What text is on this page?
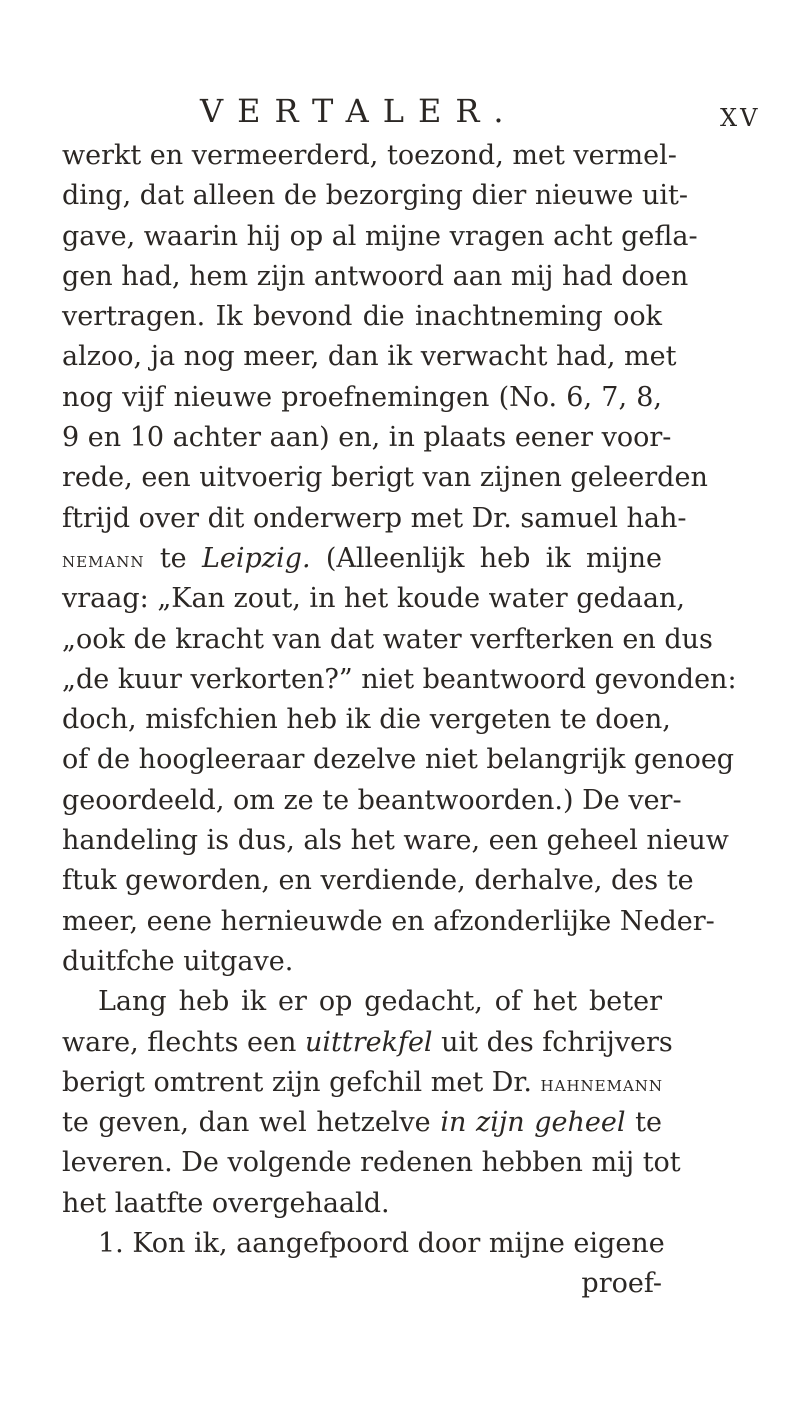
VERTALER.	XV
werkt en vermeerderd, toezond, met vermel-
ding, dat alleen de bezorging dier nieuwe uit-
gave, waarin hij op al mijne vragen acht gefla-
gen had, hem zijn antwoord aan mij had doen
vertragen. Ik bevond die inachtneming ook
alzoo, ja nog meer, dan ik verwacht had, met
nog vijf nieuwe proefnemingen (No. 6, 7, 8,
9 en 10 achter aan) en, in plaats eener voor-
rede, een uitvoerig berigt van zijnen geleerden
ftrijd over dit onderwerp met Dr. samuel hah-
nemann te Leipzig. (Alleenlijk heb ik mijne
vraag: „Kan zout, in het koude water gedaan,
„ook de kracht van dat water verfterken en dus
„de kuur verkorten?” niet beantwoord gevonden:
doch, misfchien heb ik die vergeten te doen,
of de hoogleeraar dezelve niet belangrijk genoeg
geoordeeld, om ze te beantwoorden.) De ver-
handeling is dus, als het ware, een geheel nieuw
ftuk geworden, en verdiende, derhalve, des te
meer, eene hernieuwde en afzonderlijke Neder-
duitfche uitgave.
Lang heb ik er op gedacht, of het beter
ware, flechts een uittrekfel uit des fchrijvers
berigt omtrent zijn gefchil met Dr. hahnemann
te geven, dan wel hetzelve in zijn geheel te
leveren. De volgende redenen hebben mij tot
het laatfte overgehaald.
1. Kon ik, aangefpoord door mijne eigene
proef-
